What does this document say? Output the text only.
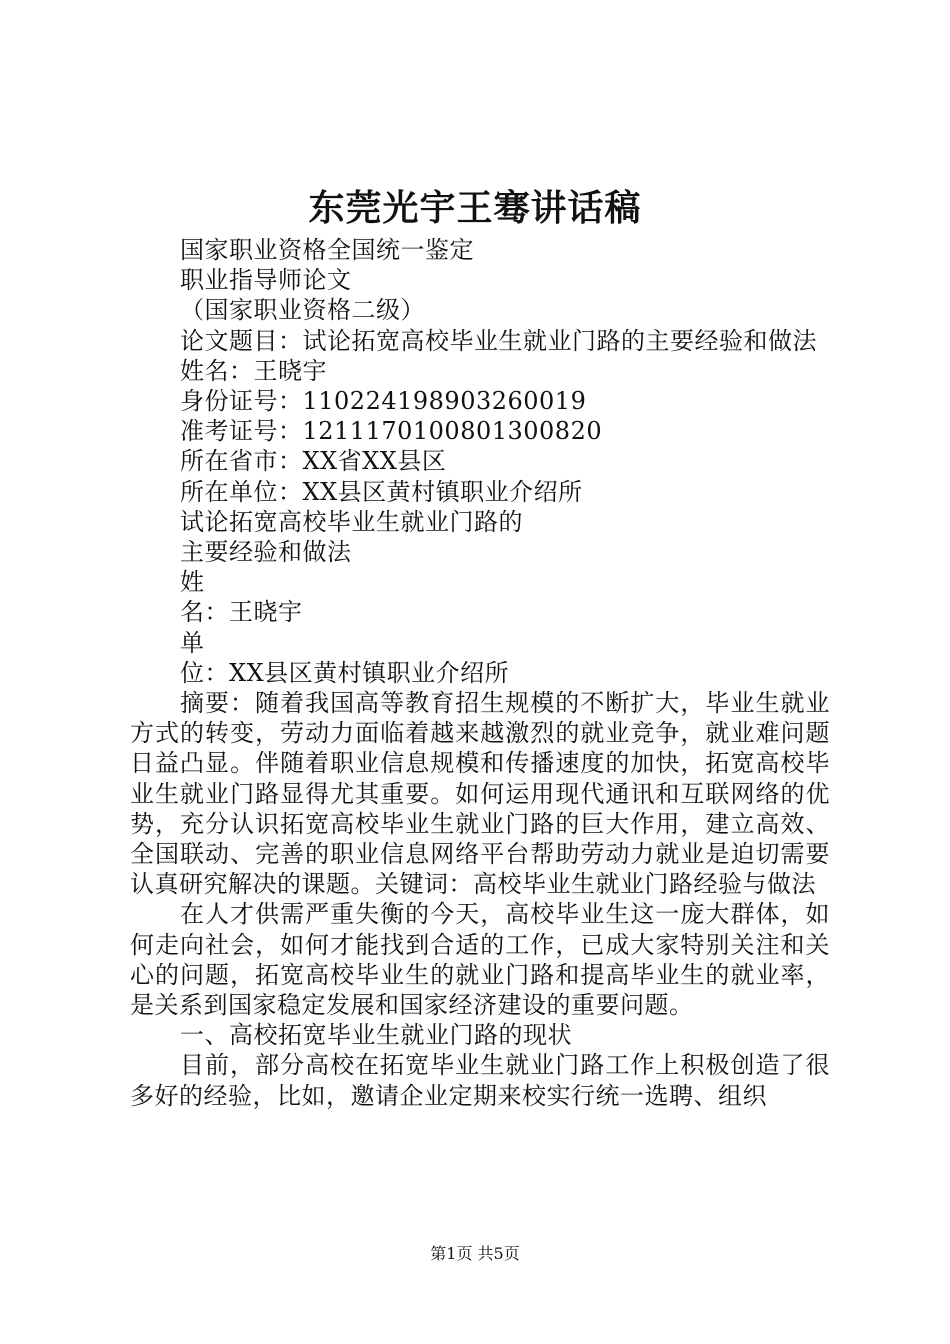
东莞光宇王骞讲话稿

国家职业资格全国统一鉴定

职业指导师论文

（国家职业资格二级）

论文题目：试论拓宽高校毕业生就业门路的主要经验和做法

姓名：王晓宇

身份证号：110224198903260019

准考证号：1211170100801300820

所在省市：XX省XX县区

所在单位：XX县区黄村镇职业介绍所

试论拓宽高校毕业生就业门路的

主要经验和做法

姓

名：王晓宇

单

位：XX县区黄村镇职业介绍所

摘要：随着我国高等教育招生规模的不断扩大，毕业生就业方式的转变，劳动力面临着越来越激烈的就业竞争，就业难问题日益凸显。伴随着职业信息规模和传播速度的加快，拓宽高校毕业生就业门路显得尤其重要。如何运用现代通讯和互联网络的优势，充分认识拓宽高校毕业生就业门路的巨大作用，建立高效、全国联动、完善的职业信息网络平台帮助劳动力就业是迫切需要认真研究解决的课题。关键词：高校毕业生就业门路经验与做法

在人才供需严重失衡的今天，高校毕业生这一庞大群体，如何走向社会，如何才能找到合适的工作，已成大家特别关注和关心的问题，拓宽高校毕业生的就业门路和提高毕业生的就业率，是关系到国家稳定发展和国家经济建设的重要问题。

一、高校拓宽毕业生就业门路的现状

目前，部分高校在拓宽毕业生就业门路工作上积极创造了很多好的经验，比如，邀请企业定期来校实行统一选聘、组织

第1页 共5页
